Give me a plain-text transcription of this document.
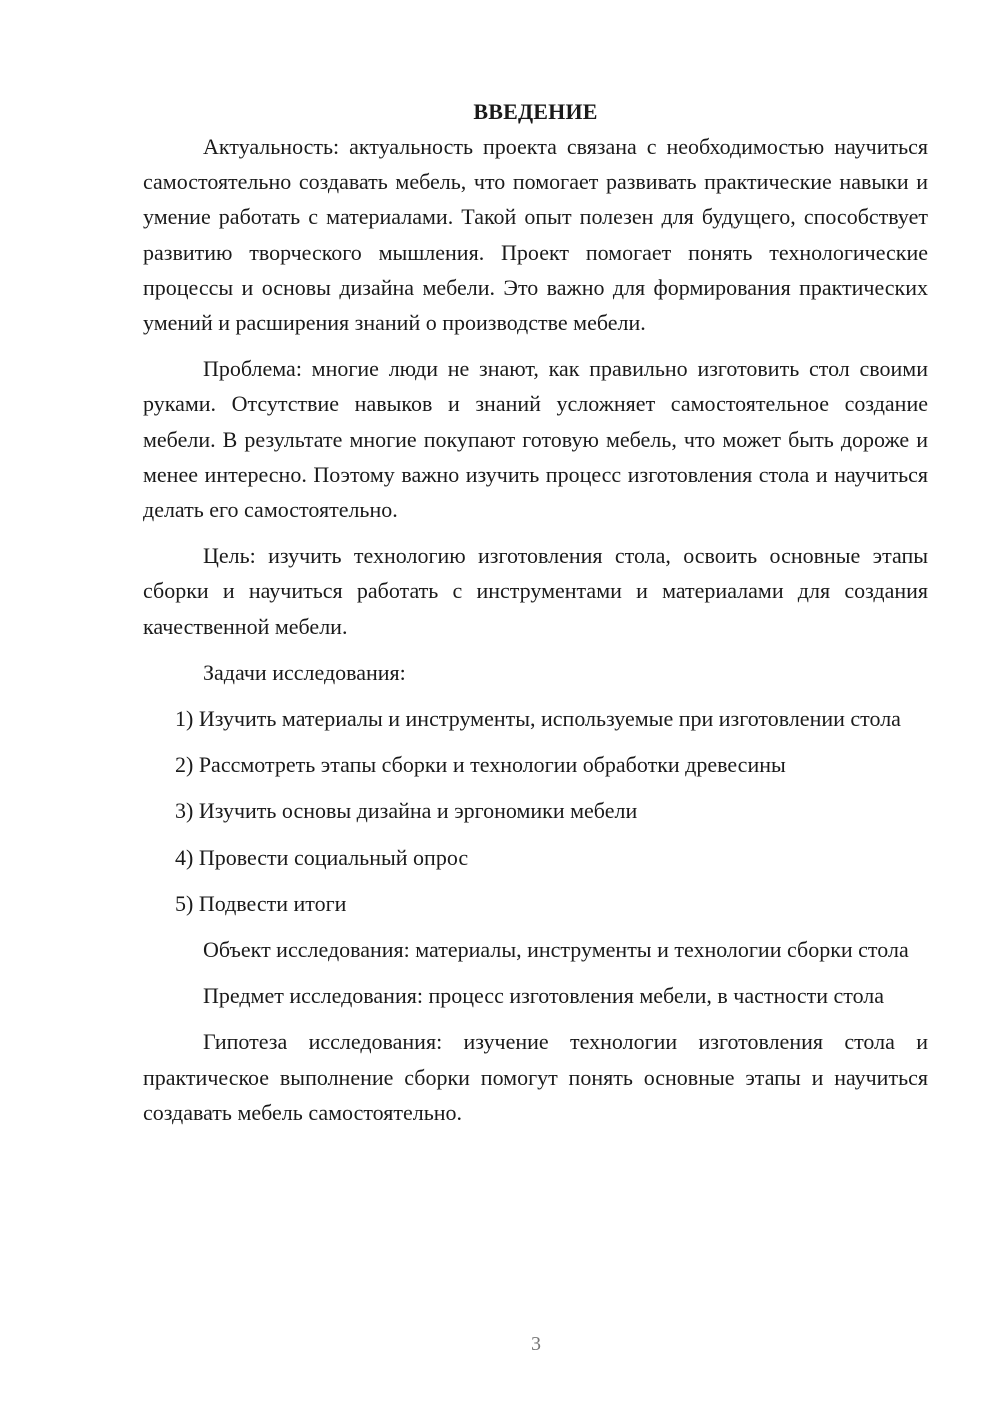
ВВЕДЕНИЕ

Актуальность: актуальность проекта связана с необходимостью научиться самостоятельно создавать мебель, что помогает развивать практические навыки и умение работать с материалами. Такой опыт полезен для будущего, способствует развитию творческого мышления. Проект помогает понять технологические процессы и основы дизайна мебели. Это важно для формирования практических умений и расширения знаний о производстве мебели.

Проблема: многие люди не знают, как правильно изготовить стол своими руками. Отсутствие навыков и знаний усложняет самостоятельное создание мебели. В результате многие покупают готовую мебель, что может быть дороже и менее интересно. Поэтому важно изучить процесс изготовления стола и научиться делать его самостоятельно.

Цель: изучить технологию изготовления стола, освоить основные этапы сборки и научиться работать с инструментами и материалами для создания качественной мебели.

Задачи исследования:

1) Изучить материалы и инструменты, используемые при изготовлении стола

2) Рассмотреть этапы сборки и технологии обработки древесины

3) Изучить основы дизайна и эргономики мебели

4) Провести социальный опрос

5) Подвести итоги

Объект исследования: материалы, инструменты и технологии сборки стола

Предмет исследования: процесс изготовления мебели, в частности стола

Гипотеза исследования: изучение технологии изготовления стола и практическое выполнение сборки помогут понять основные этапы и научиться создавать мебель самостоятельно.

3
